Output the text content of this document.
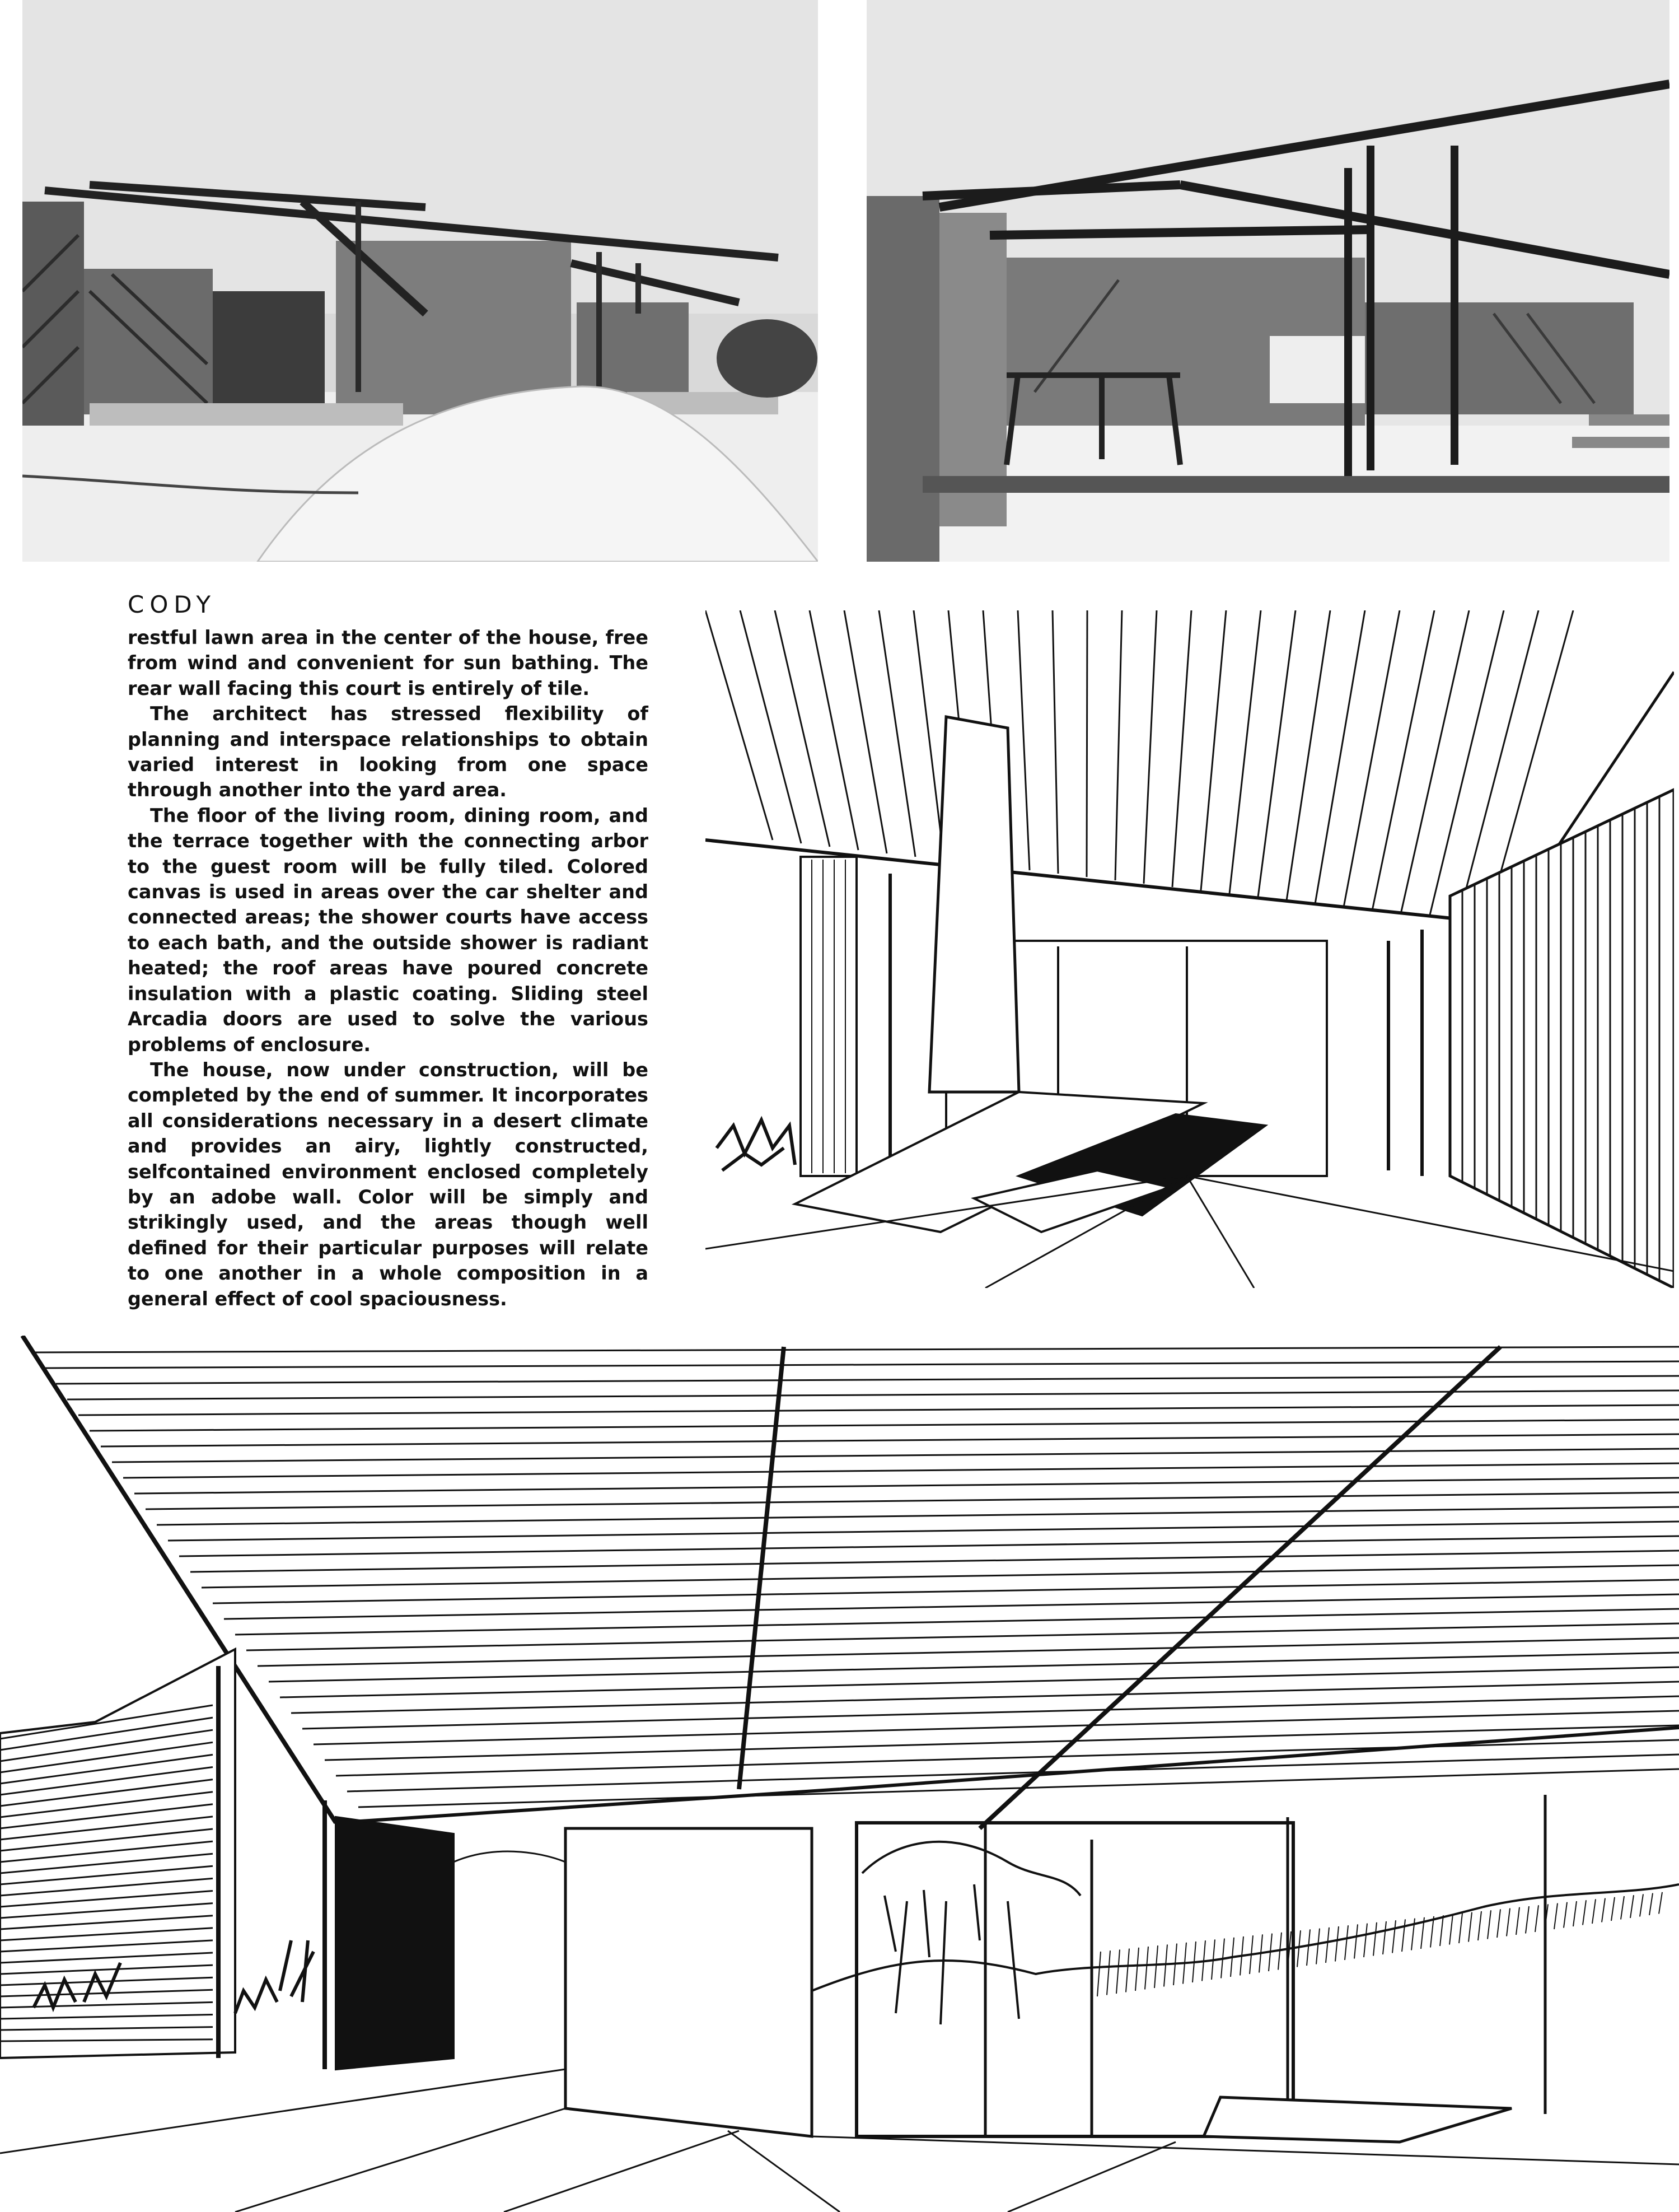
CODY

restful lawn area in the center of the house, free from wind and convenient for sun bathing. The rear wall facing this court is entirely of tile.

The architect has stressed flexibility of planning and interspace relationships to obtain varied interest in looking from one space through another into the yard area.

The floor of the living room, dining room, and the terrace together with the connecting arbor to the guest room will be fully tiled. Colored canvas is used in areas over the car shelter and connected areas; the shower courts have access to each bath, and the outside shower is radiant heated; the roof areas have poured concrete insulation with a plastic coating. Sliding steel Arcadia doors are used to solve the various problems of enclosure.

The house, now under construction, will be completed by the end of summer. It incorporates all considerations necessary in a desert climate and provides an airy, lightly constructed, selfcontained environment enclosed completely by an adobe wall. Color will be simply and strikingly used, and the areas though well defined for their particular purposes will relate to one another in a whole composition in a general effect of cool spaciousness.
